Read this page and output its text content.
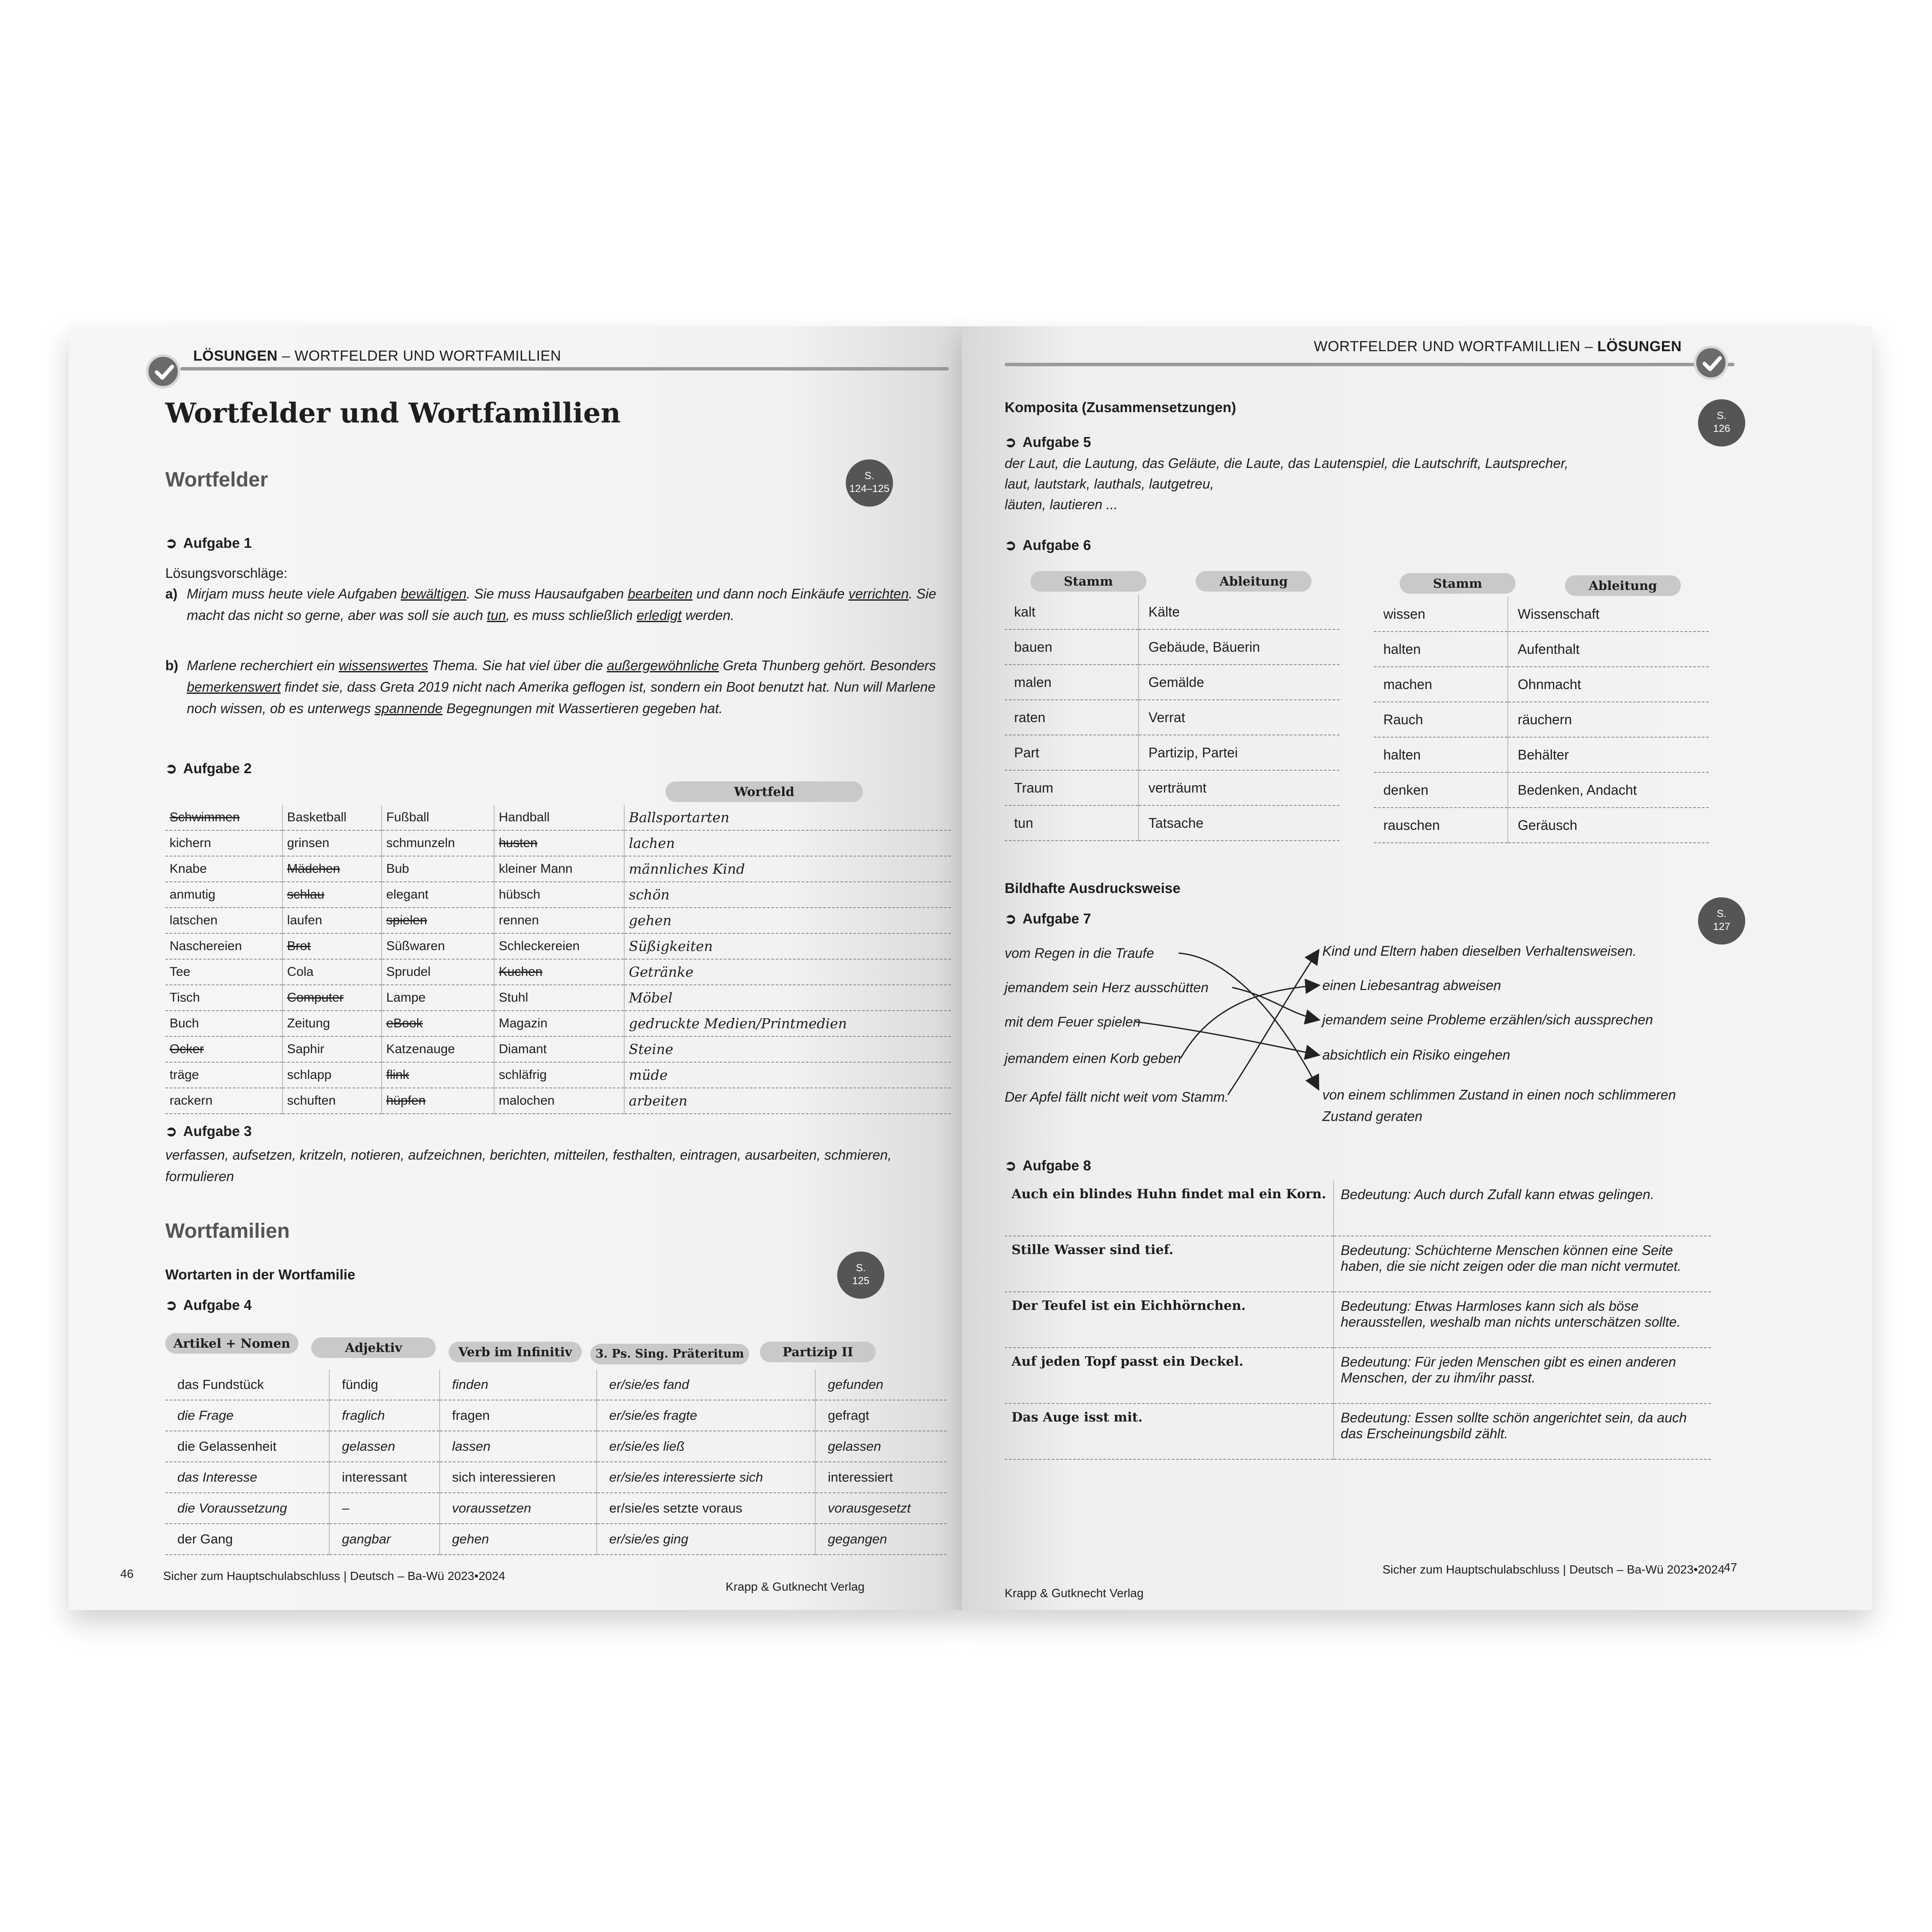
LÖSUNGEN – WORTFELDER UND WORTFAMILLIEN
Wortfelder und Wortfamillien
Wortfelder	S.
124–125
➲ Aufgabe 1
Lösungsvorschläge:
a) Mirjam muss heute viele Aufgaben bewältigen. Sie muss Hausaufgaben bearbeiten und dann noch Einkäufe verrichten. Sie macht das nicht so gerne, aber was soll sie auch tun, es muss schließlich erledigt werden.
b) Marlene recherchiert ein wissenswertes Thema. Sie hat viel über die außergewöhnliche Greta Thunberg gehört. Besonders bemerkenswert findet sie, dass Greta 2019 nicht nach Amerika geflogen ist, sondern ein Boot benutzt hat. Nun will Marlene noch wissen, ob es unterwegs spannende Begegnungen mit Wassertieren gegeben hat.
➲ Aufgabe 2
Wortfeld
Schwimmen	Basketball	Fußball	Handball	Ballsportarten
kichern	grinsen	schmunzeln	husten	lachen
Knabe	Mädchen	Bub	kleiner Mann	männliches Kind
anmutig	schlau	elegant	hübsch	schön
latschen	laufen	spielen	rennen	gehen
Naschereien	Brot	Süßwaren	Schleckereien	Süßigkeiten
Tee	Cola	Sprudel	Kuchen	Getränke
Tisch	Computer	Lampe	Stuhl	Möbel
Buch	Zeitung	eBook	Magazin	gedruckte Medien/Printmedien
Ocker	Saphir	Katzenauge	Diamant	Steine
träge	schlapp	flink	schläfrig	müde
rackern	schuften	hüpfen	malochen	arbeiten
➲ Aufgabe 3
verfassen, aufsetzen, kritzeln, notieren, aufzeichnen, berichten, mitteilen, festhalten, eintragen, ausarbeiten, schmieren, formulieren
Wortfamilien
Wortarten in der Wortfamilie	S.
125
➲ Aufgabe 4
Artikel + Nomen	Adjektiv	Verb im Infinitiv	3. Ps. Sing. Präteritum	Partizip II
das Fundstück	fündig	finden	er/sie/es fand	gefunden
die Frage	fraglich	fragen	er/sie/es fragte	gefragt
die Gelassenheit	gelassen	lassen	er/sie/es ließ	gelassen
das Interesse	interessant	sich interessieren	er/sie/es interessierte sich	interessiert
die Voraussetzung	–	voraussetzen	er/sie/es setzte voraus	vorausgesetzt
der Gang	gangbar	gehen	er/sie/es ging	gegangen
46 Sicher zum Hauptschulabschluss | Deutsch – Ba-Wü 2023•2024
Krapp & Gutknecht Verlag
WORTFELDER UND WORTFAMILLIEN – LÖSUNGEN
Komposita (Zusammensetzungen)
S.
126
➲ Aufgabe 5
der Laut, die Lautung, das Geläute, die Laute, das Lautenspiel, die Lautschrift, Lautsprecher,
laut, lautstark, lauthals, lautgetreu,
läuten, lautieren ...
➲ Aufgabe 6
Stamm	Ableitung	Stamm	Ableitung
kalt	Kälte
bauen	Gebäude, Bäuerin
malen	Gemälde
raten	Verrat
Part	Partizip, Partei
Traum	verträumt
tun	Tatsache
wissen	Wissenschaft
halten	Aufenthalt
machen	Ohnmacht
Rauch	räuchern
halten	Behälter
denken	Bedenken, Andacht
rauschen	Geräusch
Bildhafte Ausdrucksweise
S.
127
➲ Aufgabe 7
vom Regen in die Traufe
jemandem sein Herz ausschütten
mit dem Feuer spielen
jemandem einen Korb geben
Der Apfel fällt nicht weit vom Stamm.
Kind und Eltern haben dieselben Verhaltensweisen.
einen Liebesantrag abweisen
jemandem seine Probleme erzählen/sich aussprechen
absichtlich ein Risiko eingehen
von einem schlimmen Zustand in einen noch schlimmeren
Zustand geraten
➲ Aufgabe 8
Auch ein blindes Huhn findet mal ein Korn.	Bedeutung: Auch durch Zufall kann etwas gelingen.
Stille Wasser sind tief.	Bedeutung: Schüchterne Menschen können eine Seite haben, die sie nicht zeigen oder die man nicht vermutet.
Der Teufel ist ein Eichhörnchen.	Bedeutung: Etwas Harmloses kann sich als böse herausstellen, weshalb man nichts unterschätzen sollte.
Auf jeden Topf passt ein Deckel.	Bedeutung: Für jeden Menschen gibt es einen anderen Menschen, der zu ihm/ihr passt.
Das Auge isst mit.	Bedeutung: Essen sollte schön angerichtet sein, da auch das Erscheinungsbild zählt.
Krapp & Gutknecht Verlag
Sicher zum Hauptschulabschluss | Deutsch – Ba-Wü 2023•2024
47
